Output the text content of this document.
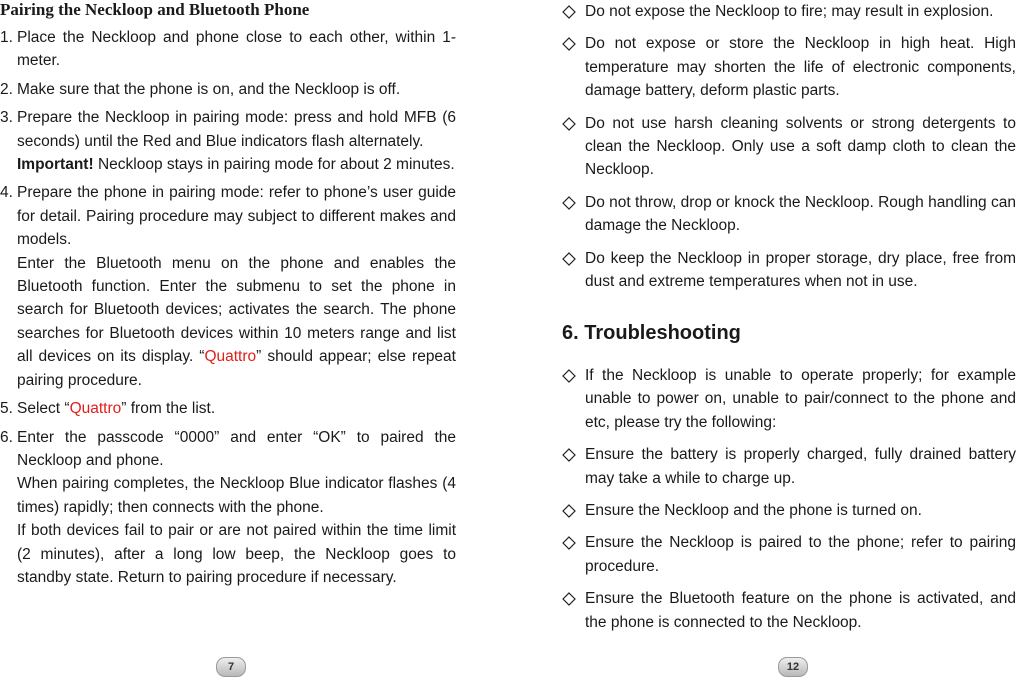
Pairing the Neckloop and Bluetooth Phone
1. Place the Neckloop and phone close to each other, within 1-meter.

2. Make sure that the phone is on, and the Neckloop is off.

3. Prepare the Neckloop in pairing mode: press and hold MFB (6 seconds) until the Red and Blue indicators flash alternately.

Important! Neckloop stays in pairing mode for about 2 minutes.

4. Prepare the phone in pairing mode: refer to phone’s user guide for detail. Pairing procedure may subject to different makes and models.

Enter the Bluetooth menu on the phone and enables the Bluetooth function. Enter the submenu to set the phone in search for Bluetooth devices; activates the search. The phone searches for Bluetooth devices within 10 meters range and list all devices on its display. “Quattro” should appear; else repeat pairing procedure.

5. Select “Quattro” from the list.

6. Enter the passcode “0000” and enter “OK” to paired the Neckloop and phone.

When pairing completes, the Neckloop Blue indicator flashes (4 times) rapidly; then connects with the phone.

If both devices fail to pair or are not paired within the time limit (2 minutes), after a long low beep, the Neckloop goes to standby state. Return to pairing procedure if necessary.

7
Do not expose the Neckloop to fire; may result in explosion.
Do not expose or store the Neckloop in high heat. High temperature may shorten the life of electronic components, damage battery, deform plastic parts.
Do not use harsh cleaning solvents or strong detergents to clean the Neckloop. Only use a soft damp cloth to clean the Neckloop.
Do not throw, drop or knock the Neckloop. Rough handling can damage the Neckloop.
Do keep the Neckloop in proper storage, dry place, free from dust and extreme temperatures when not in use.
6. Troubleshooting
If the Neckloop is unable to operate properly; for example unable to power on, unable to pair/connect to the phone and etc, please try the following:
Ensure the battery is properly charged, fully drained battery may take a while to charge up.
Ensure the Neckloop and the phone is turned on.
Ensure the Neckloop is paired to the phone; refer to pairing procedure.
Ensure the Bluetooth feature on the phone is activated, and the phone is connected to the Neckloop.
12
